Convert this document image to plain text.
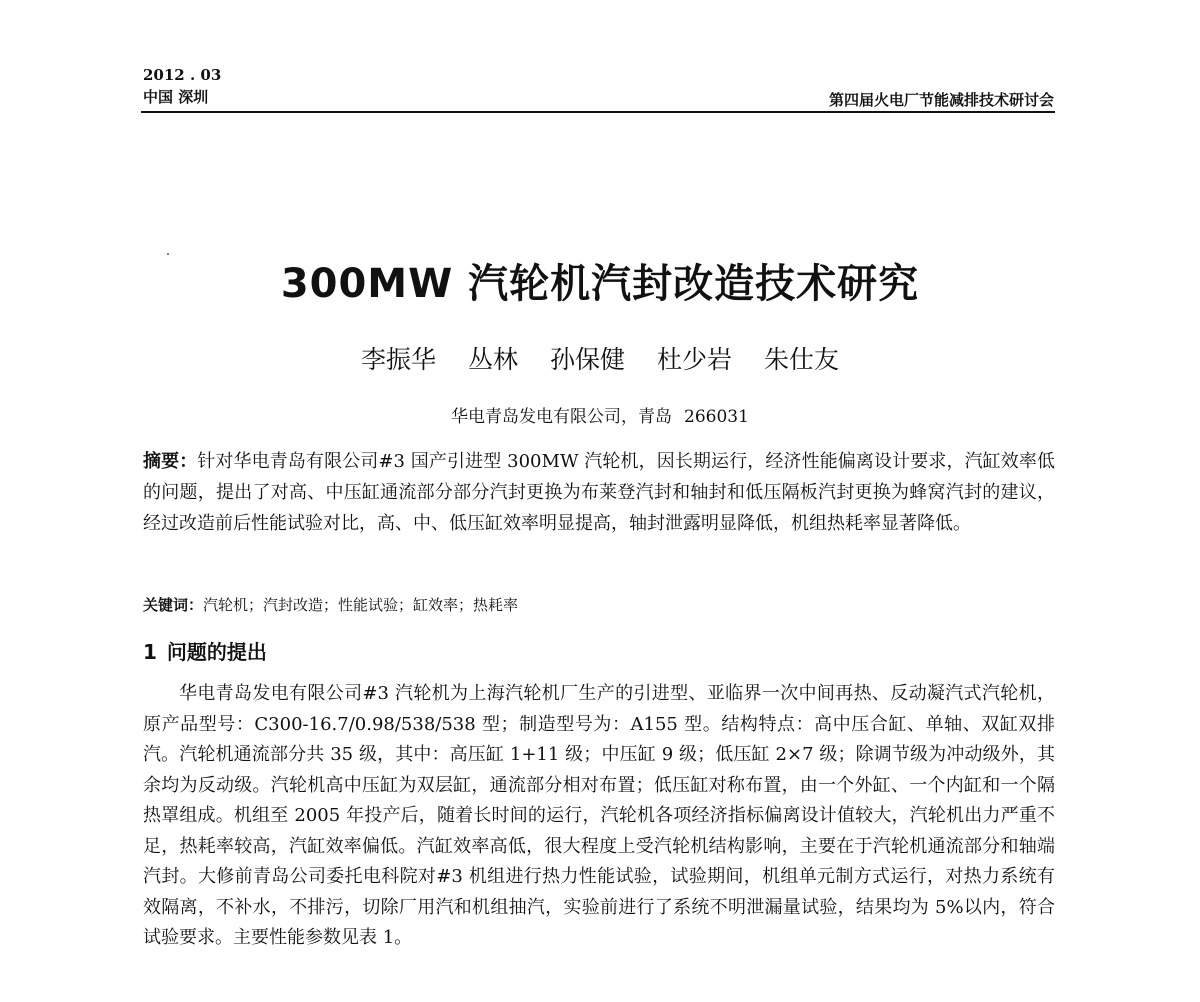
2012 . 03
中国 深圳	第四届火电厂节能减排技术研讨会
300MW 汽轮机汽封改造技术研究
李振华 丛林 孙保健 杜少岩 朱仕友
华电青岛发电有限公司，青岛 266031
摘要：针对华电青岛有限公司#3 国产引进型 300MW 汽轮机，因长期运行，经济性能偏离设计要求，汽缸效率低的问题，提出了对高、中压缸通流部分部分汽封更换为布莱登汽封和轴封和低压隔板汽封更换为蜂窝汽封的建议，经过改造前后性能试验对比，高、中、低压缸效率明显提高，轴封泄露明显降低，机组热耗率显著降低。
关键词：汽轮机；汽封改造；性能试验；缸效率；热耗率
1 问题的提出
华电青岛发电有限公司#3 汽轮机为上海汽轮机厂生产的引进型、亚临界一次中间再热、反动凝汽式汽轮机，原产品型号：C300-16.7/0.98/538/538 型；制造型号为：A155 型。结构特点：高中压合缸、单轴、双缸双排汽。汽轮机通流部分共 35 级，其中：高压缸 1+11 级；中压缸 9 级；低压缸 2×7 级；除调节级为冲动级外，其余均为反动级。汽轮机高中压缸为双层缸，通流部分相对布置；低压缸对称布置，由一个外缸、一个内缸和一个隔热罩组成。机组至 2005 年投产后，随着长时间的运行，汽轮机各项经济指标偏离设计值较大，汽轮机出力严重不足，热耗率较高，汽缸效率偏低。汽缸效率高低，很大程度上受汽轮机结构影响，主要在于汽轮机通流部分和轴端汽封。大修前青岛公司委托电科院对#3 机组进行热力性能试验，试验期间，机组单元制方式运行，对热力系统有效隔离，不补水，不排污，切除厂用汽和机组抽汽，实验前进行了系统不明泄漏量试验，结果均为 5%以内，符合试验要求。主要性能参数见表 1。
